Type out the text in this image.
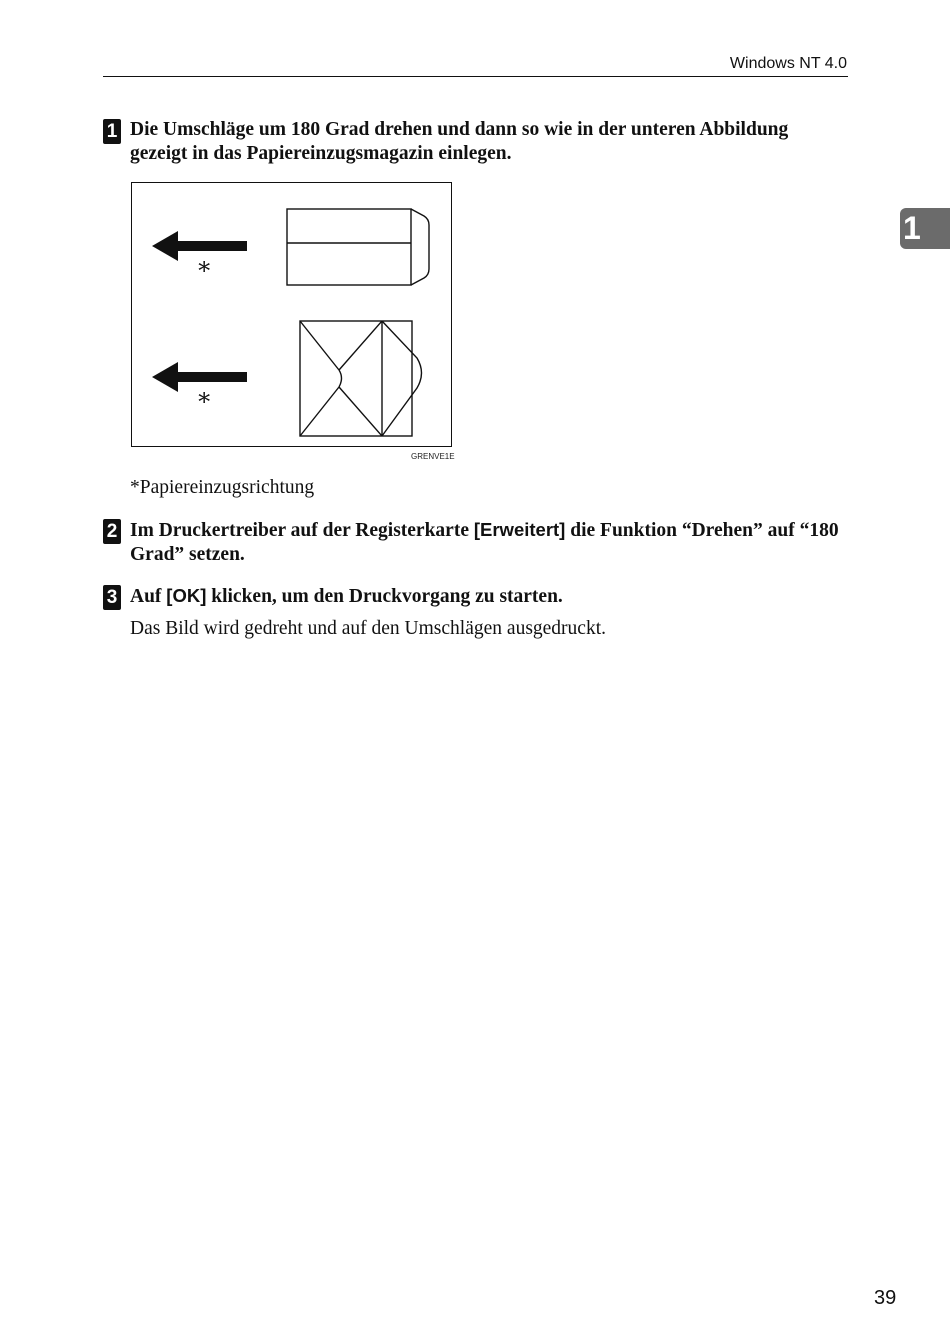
Windows NT 4.0
1
1 Die Umschläge um 180 Grad drehen und dann so wie in der unteren Abbildung gezeigt in das Papiereinzugsmagazin einlegen.
∗
∗
GRENVE1E
*Papiereinzugsrichtung
2 Im Druckertreiber auf der Registerkarte [Erweitert] die Funktion “Drehen” auf “180 Grad” setzen.
3 Auf [OK] klicken, um den Druckvorgang zu starten.
Das Bild wird gedreht und auf den Umschlägen ausgedruckt.
39
